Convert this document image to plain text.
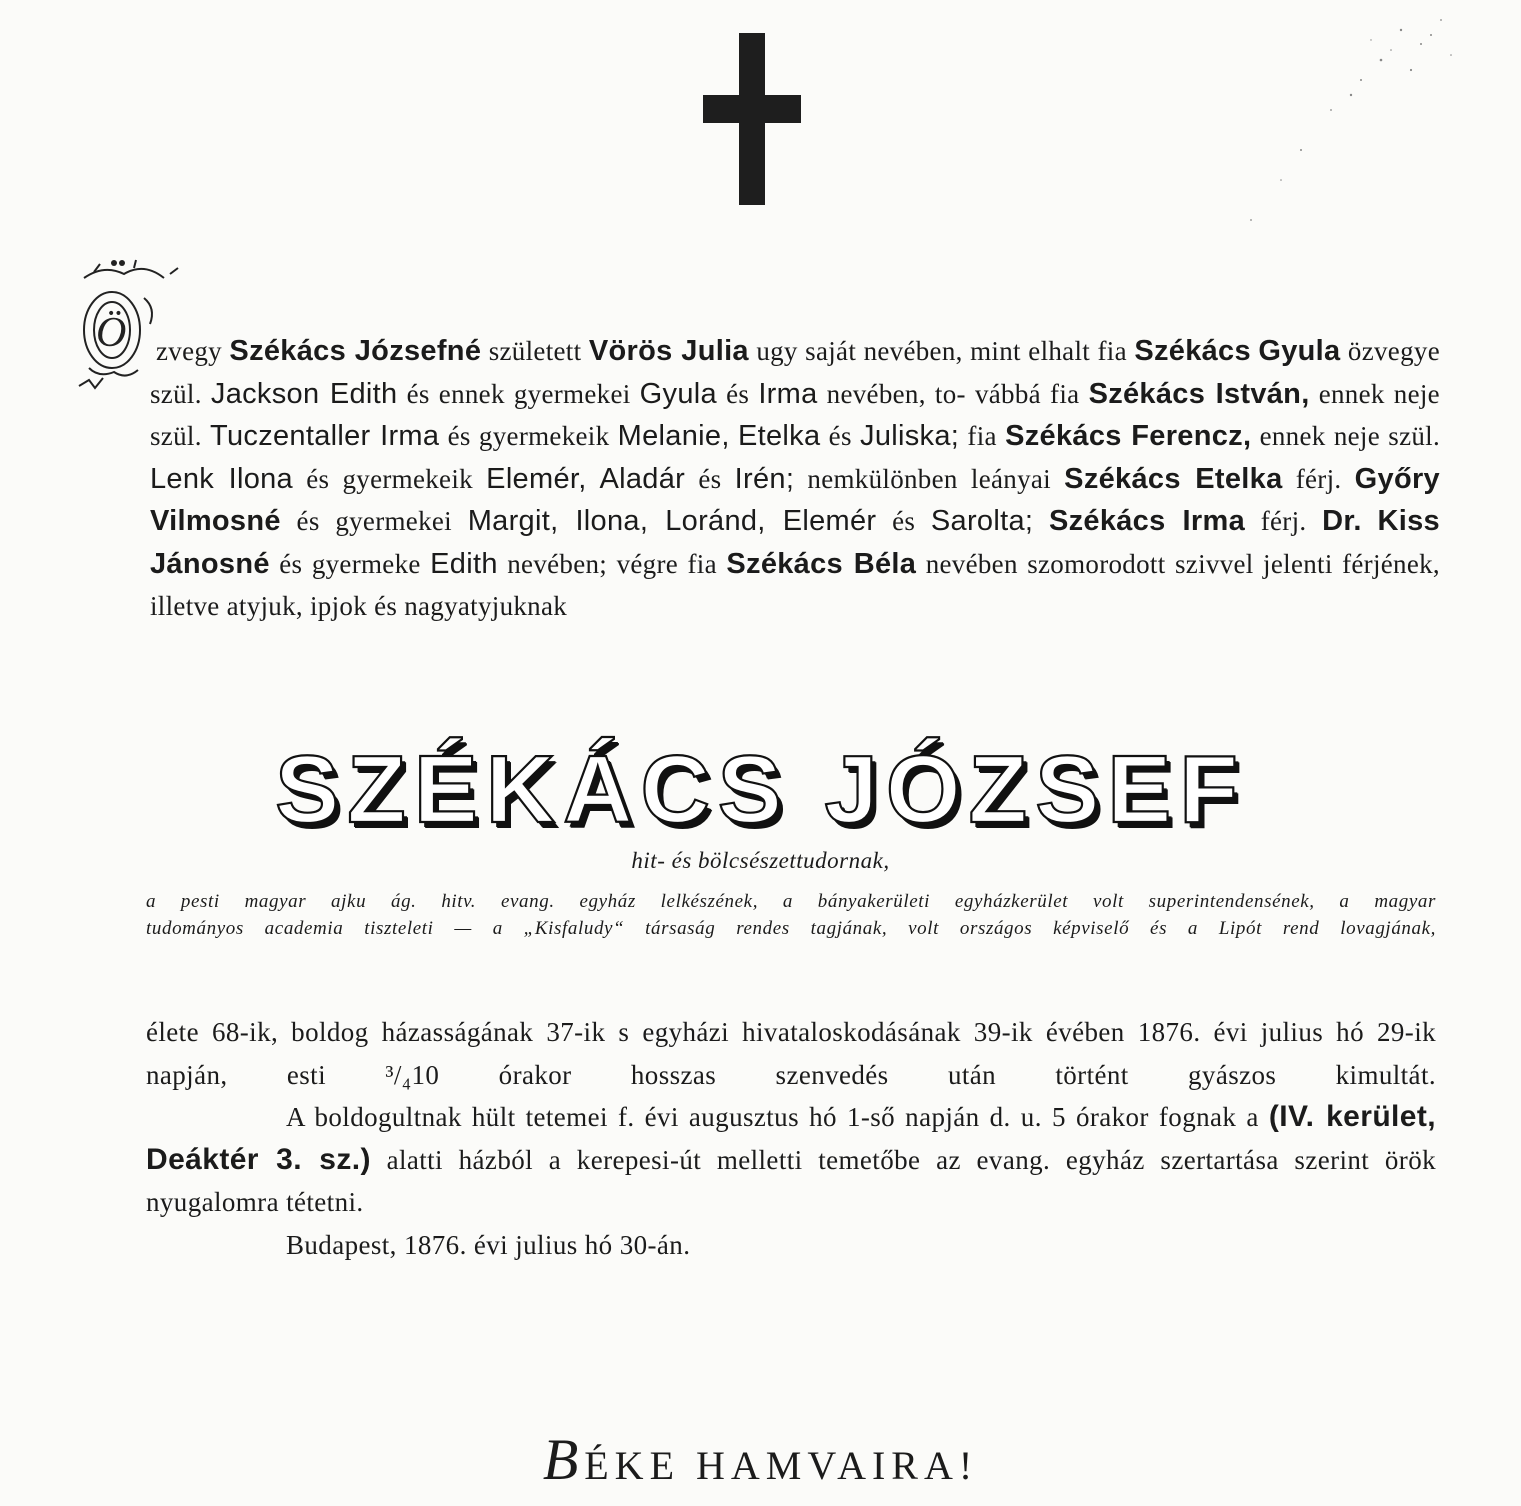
Ö zvegy Székács Józsefné született Vörös Julia ugy saját nevében, mint elhalt fia Székács Gyula özvegye szül. Jackson Edith és ennek gyermekei Gyula és Irma nevében, to- vábbá fia Székács István, ennek neje szül. Tuczentaller Irma és gyermekeik Melanie, Etelka és Juliska; fia Székács Ferencz, ennek neje szül. Lenk Ilona és gyermekeik Elemér, Aladár és Irén; nemkülönben leányai Székács Etelka férj. Győry Vilmosné és gyermekei Margit, Ilona, Loránd, Elemér és Sarolta; Székács Irma férj. Dr. Kiss Jánosné és gyermeke Edith nevében; végre fia Székács Béla nevében szomorodott szivvel jelenti férjének, illetve atyjuk, ipjok és nagyatyjuknak

SZÉKÁCS JÓZSEF
hit- és bölcsészettudornak,

a pesti magyar ajku ág. hitv. evang. egyház lelkészének, a bányakerületi egyházkerület volt superintendensének, a magyar

tudományos academia tiszteleti — a „Kisfaludy“ társaság rendes tagjának, volt országos képviselő és a Lipót rend lovagjának,

élete 68-ik, boldog házasságának 37-ik s egyházi hivataloskodásának 39-ik évében 1876. évi julius hó 29-ik napján, esti ³/₄10 órakor hosszas szenvedés után történt gyászos kimultát.

A boldogultnak hült tetemei f. évi augusztus hó 1-ső napján d. u. 5 órakor fognak a (IV. kerület, Deáktér 3. sz.) alatti házból a kerepesi-út melletti temetőbe az evang. egyház szertartása szerint örök nyugalomra tétetni.

Budapest, 1876. évi julius hó 30-án.

BÉKE HAMVAIRA!
